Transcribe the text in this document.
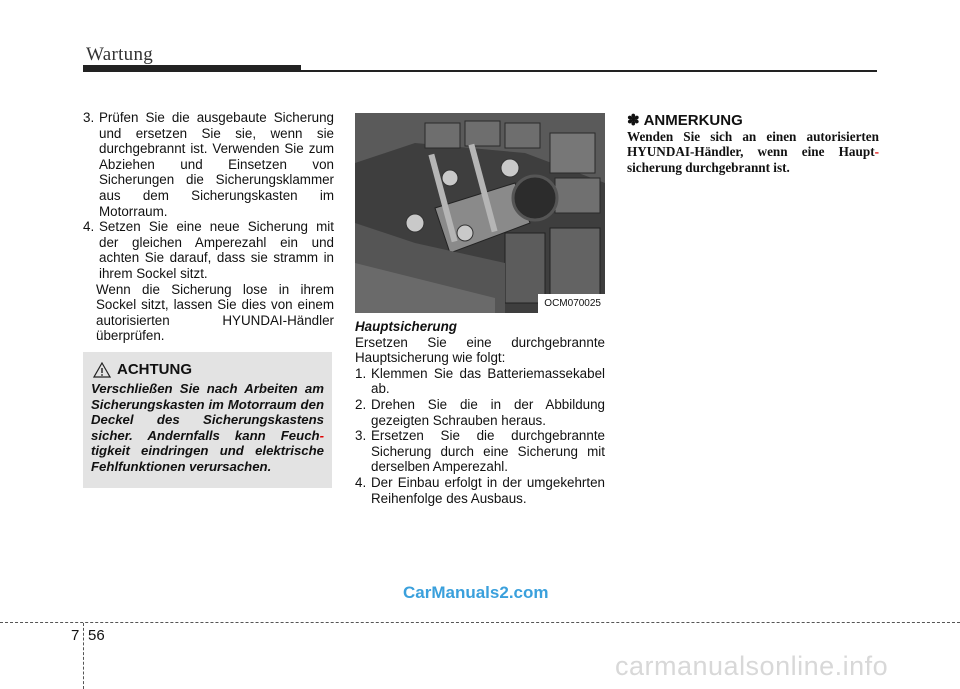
Wartung
3. Prüfen Sie die ausgebaute Sicherung und ersetzen Sie sie, wenn sie durchgebrannt ist. Verwenden Sie zum Abziehen und Einsetzen von Sicherungen die Sicherungsklammer aus dem Sicherungskasten im Motorraum.
4. Setzen Sie eine neue Sicherung mit der gleichen Amperezahl ein und achten Sie darauf, dass sie stramm in ihrem Sockel sitzt.

Wenn die Sicherung lose in ihrem Sockel sitzt, lassen Sie dies von einem autorisierten HYUNDAI-Händler überprüfen.

ACHTUNG
Verschließen Sie nach Arbeiten am Sicherungskasten im Motorraum den Deckel des Sicherungskastens sicher. Andernfalls kann Feuch-tigkeit eindringen und elektrische Fehlfunktionen verursachen.
OCM070025
Hauptsicherung

Ersetzen Sie eine durchgebrannte Hauptsicherung wie folgt:

1. Klemmen Sie das Batteriemassekabel ab.
2. Drehen Sie die in der Abbildung gezeigten Schrauben heraus.
3. Ersetzen Sie die durchgebrannte Sicherung durch eine Sicherung mit derselben Amperezahl.
4. Der Einbau erfolgt in der umgekehrten Reihenfolge des Ausbaus.
✽ ANMERKUNG
Wenden Sie sich an einen autorisierten HYUNDAI-Händler, wenn eine Haupt-sicherung durchgebrannt ist.
CarManuals2.com
7 56
carmanualsonline.info
